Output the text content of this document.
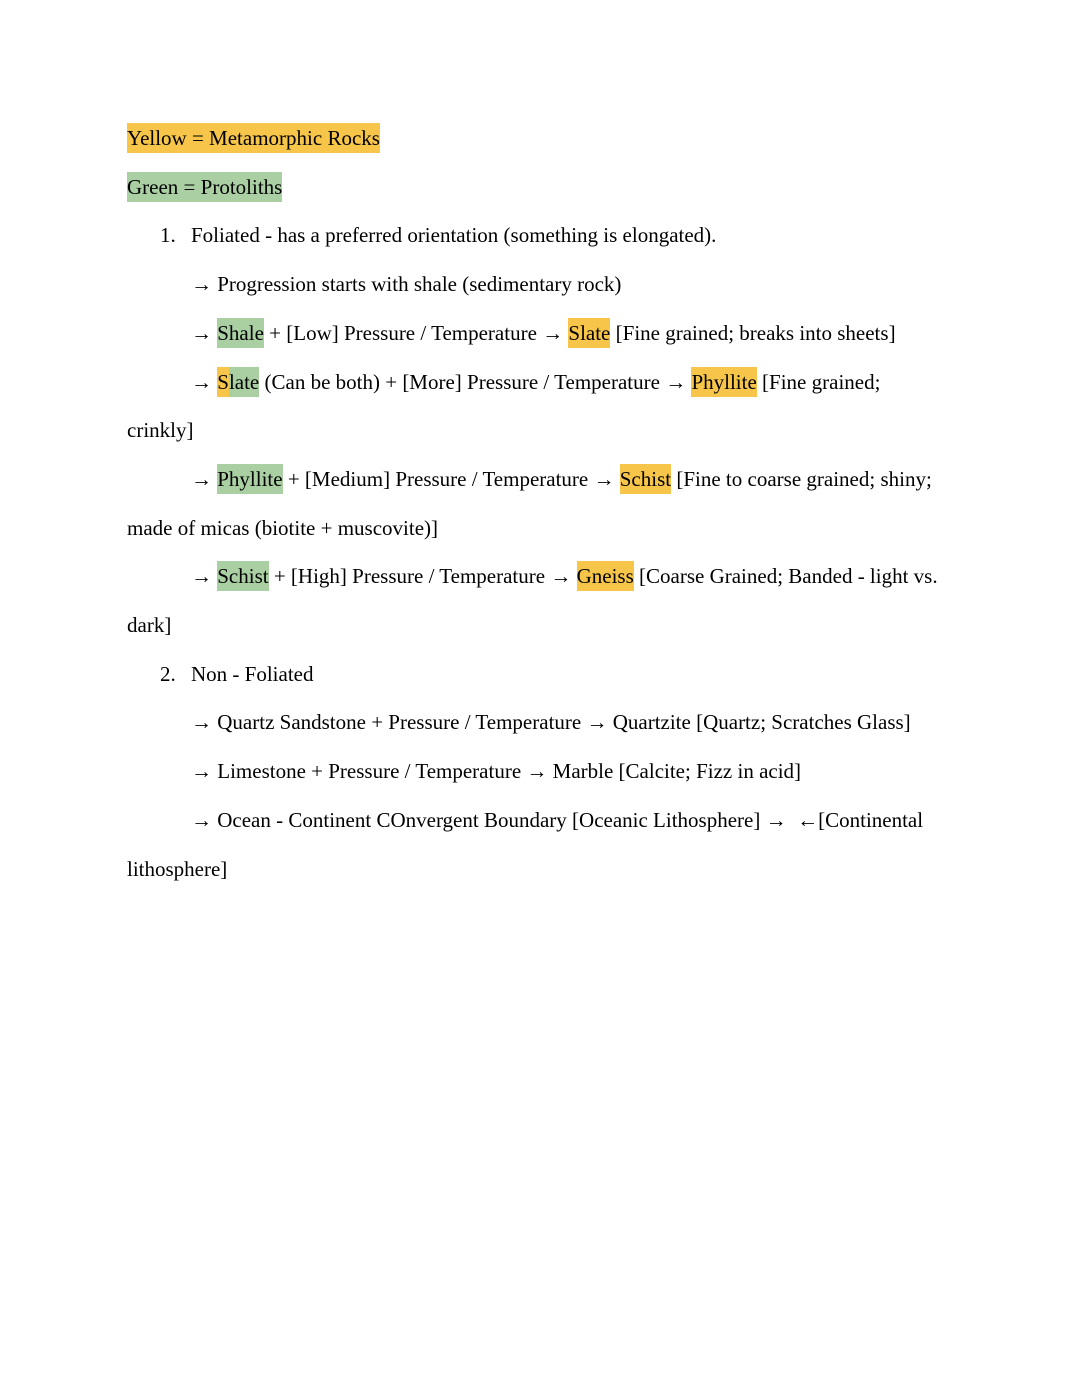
Yellow = Metamorphic Rocks
Green = Protoliths
1. Foliated - has a preferred orientation (something is elongated).
→ Progression starts with shale (sedimentary rock)
→ Shale + [Low] Pressure / Temperature → Slate [Fine grained; breaks into sheets]
→ Slate (Can be both) + [More] Pressure / Temperature → Phyllite [Fine grained;
crinkly]
→ Phyllite + [Medium] Pressure / Temperature → Schist [Fine to coarse grained; shiny;
made of micas (biotite + muscovite)]
→ Schist + [High] Pressure / Temperature → Gneiss [Coarse Grained; Banded - light vs.
dark]
2. Non - Foliated
→ Quartz Sandstone + Pressure / Temperature → Quartzite [Quartz; Scratches Glass]
→ Limestone + Pressure / Temperature → Marble [Calcite; Fizz in acid]
→ Ocean - Continent COnvergent Boundary [Oceanic Lithosphere] →  ←[Continental
lithosphere]
